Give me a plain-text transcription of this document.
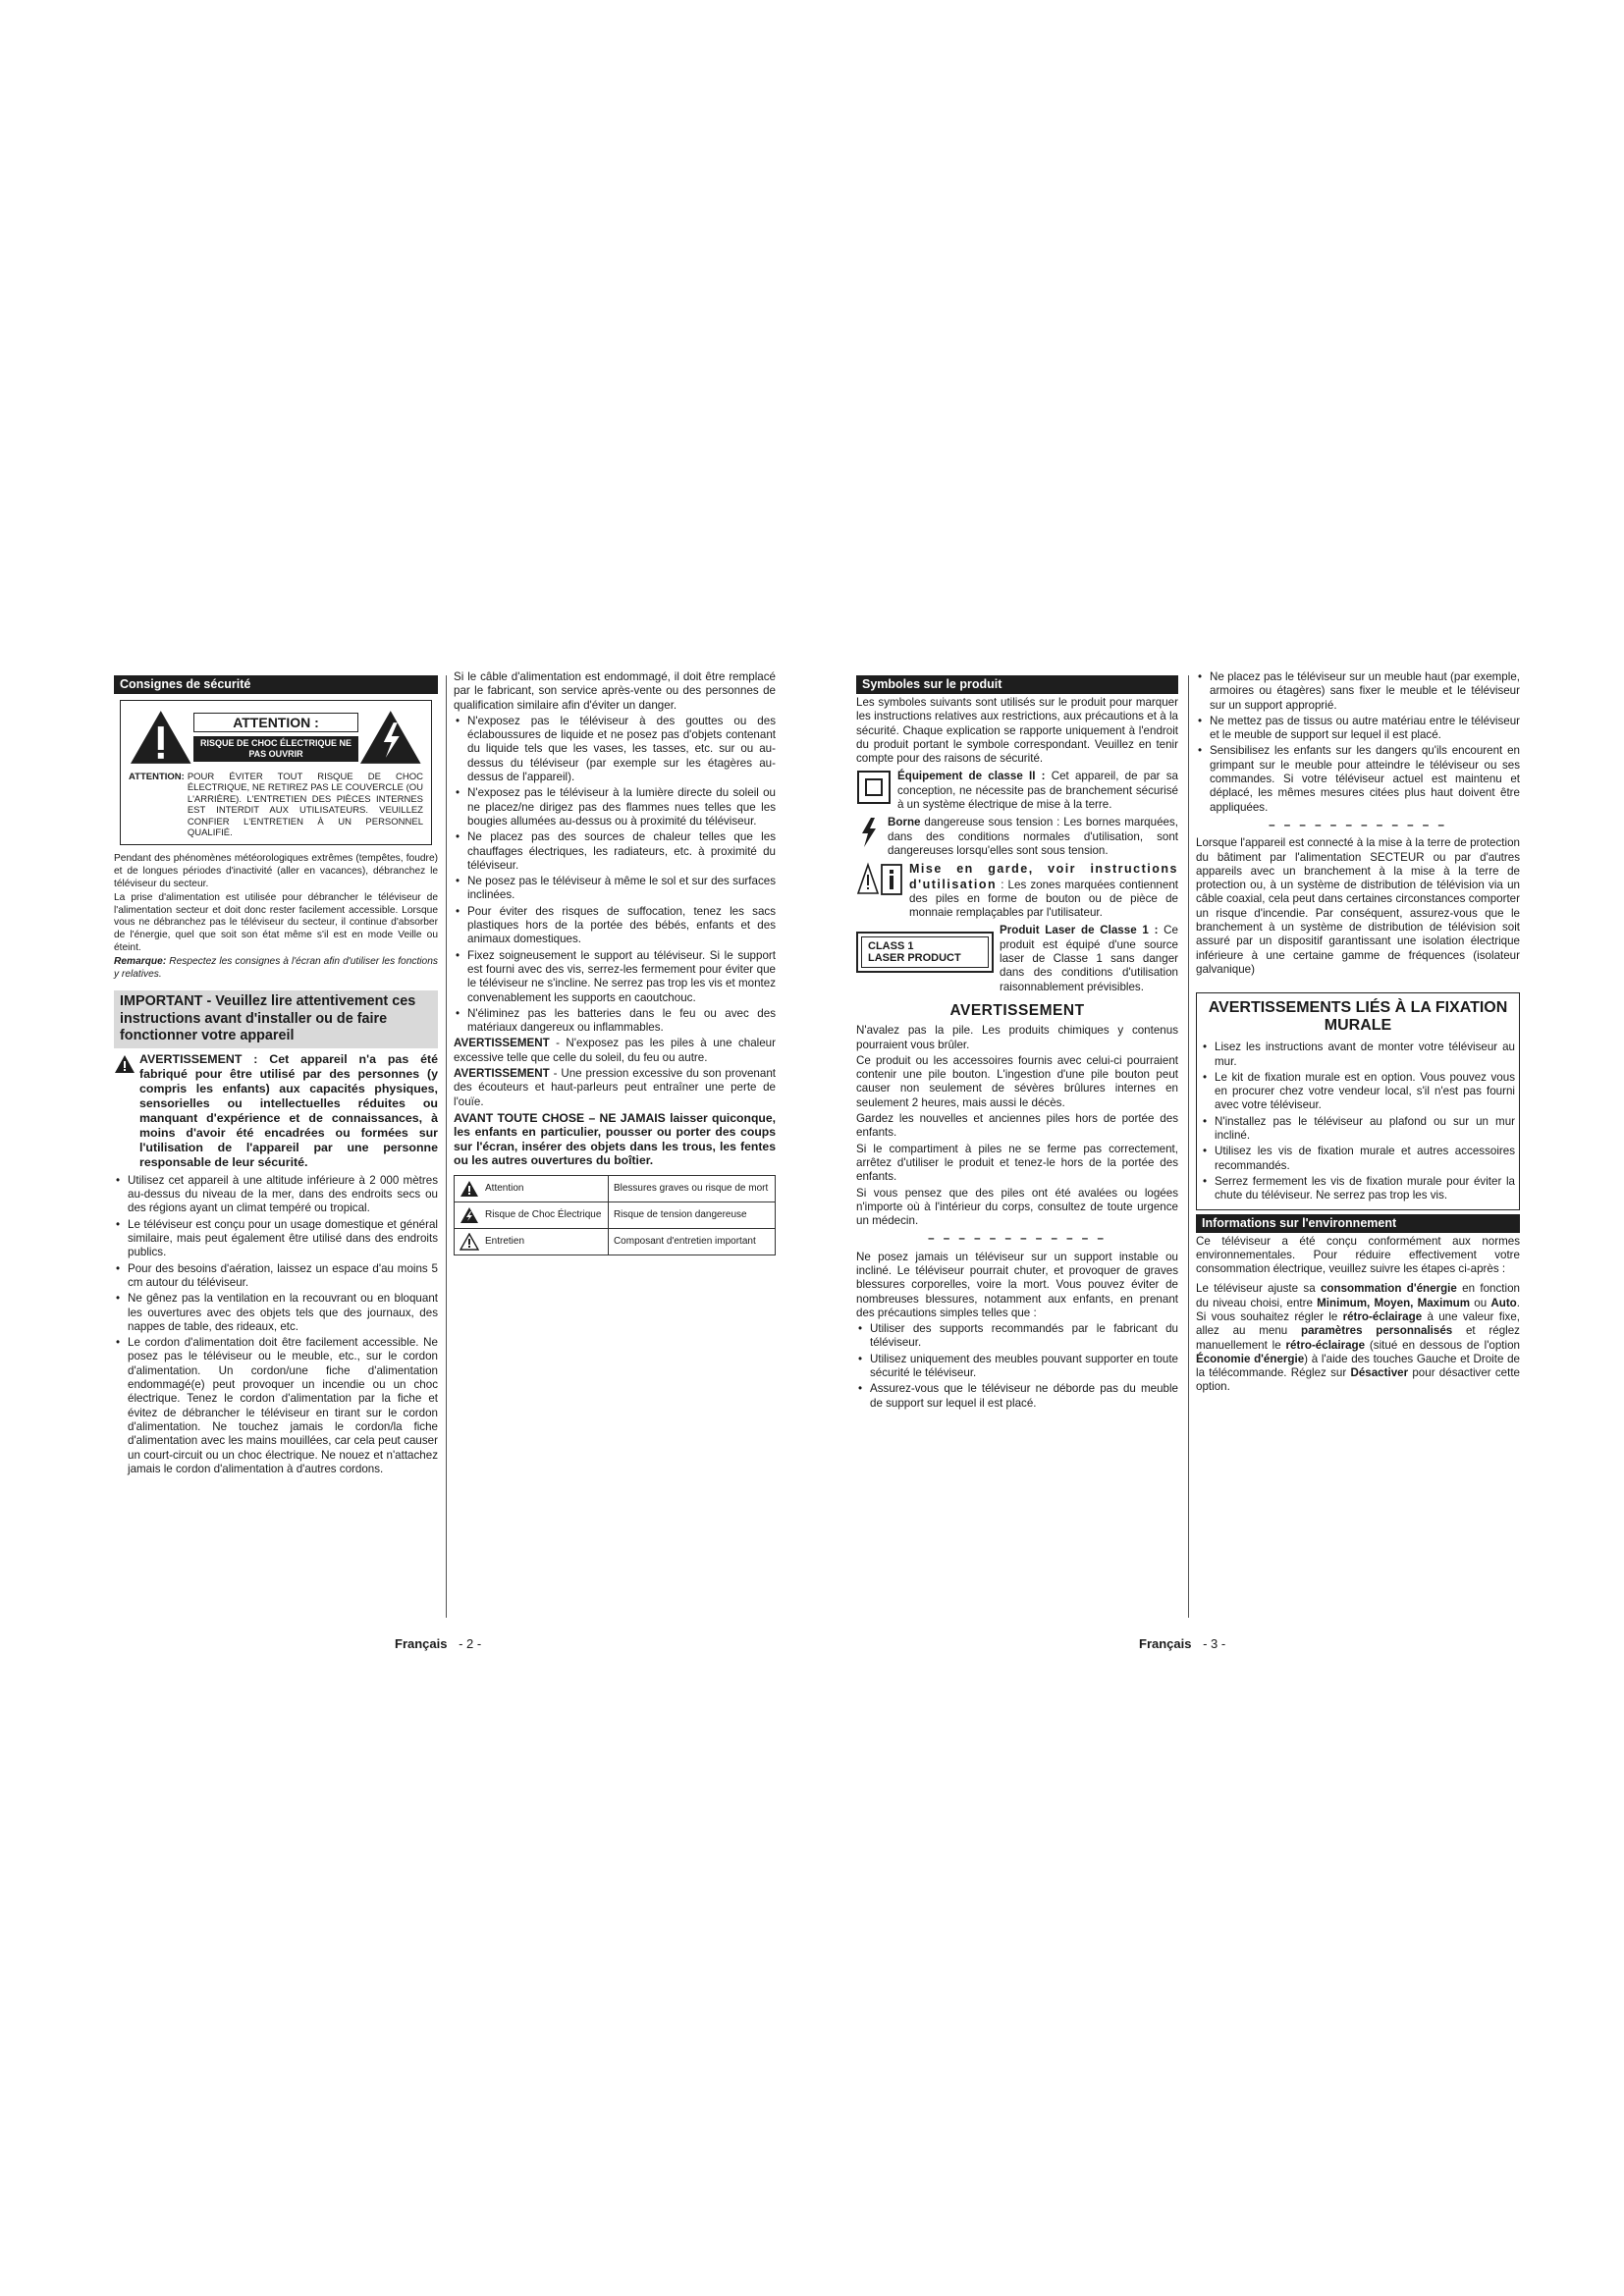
Consignes de sécurité
ATTENTION :
RISQUE DE CHOC ÉLECTRIQUE NE PAS OUVRIR
ATTENTION: POUR ÉVITER TOUT RISQUE DE CHOC ÉLECTRIQUE, NE RETIREZ PAS LE COUVERCLE (OU L'ARRIÈRE). L'ENTRETIEN DES PIÈCES INTERNES EST INTERDIT AUX UTILISATEURS. VEUILLEZ CONFIER L'ENTRETIEN À UN PERSONNEL QUALIFIÉ.

Pendant des phénomènes météorologiques extrêmes (tempêtes, foudre) et de longues périodes d'inactivité (aller en vacances), débranchez le téléviseur du secteur.

La prise d'alimentation est utilisée pour débrancher le téléviseur de l'alimentation secteur et doit donc rester facilement accessible. Lorsque vous ne débranchez pas le téléviseur du secteur, il continue d'absorber de l'énergie, quel que soit son état même s'il est en mode Veille ou éteint.

Remarque: Respectez les consignes à l'écran afin d'utiliser les fonctions y relatives.

IMPORTANT - Veuillez lire attentivement ces instructions avant d'installer ou de faire fonctionner votre appareil
AVERTISSEMENT : Cet appareil n'a pas été fabriqué pour être utilisé par des personnes (y compris les enfants) aux capacités physiques, sensorielles ou intellectuelles réduites ou manquant d'expérience et de connaissances, à moins d'avoir été encadrées ou formées sur l'utilisation de l'appareil par une personne responsable de leur sécurité.
• Utilisez cet appareil à une altitude inférieure à 2 000 mètres au-dessus du niveau de la mer, dans des endroits secs ou des régions ayant un climat tempéré ou tropical.
• Le téléviseur est conçu pour un usage domestique et général similaire, mais peut également être utilisé dans des endroits publics.
• Pour des besoins d'aération, laissez un espace d'au moins 5 cm autour du téléviseur.
• Ne gênez pas la ventilation en la recouvrant ou en bloquant les ouvertures avec des objets tels que des journaux, des nappes de table, des rideaux, etc.
• Le cordon d'alimentation doit être facilement accessible. Ne posez pas le téléviseur ou le meuble, etc., sur le cordon d'alimentation. Un cordon/une fiche d'alimentation endommagé(e) peut provoquer un incendie ou un choc électrique. Tenez le cordon d'alimentation par la fiche et évitez de débrancher le téléviseur en tirant sur le cordon d'alimentation. Ne touchez jamais le cordon/la fiche d'alimentation avec les mains mouillées, car cela peut causer un court-circuit ou un choc électrique. Ne nouez et n'attachez jamais le cordon d'alimentation à d'autres cordons.

Si le câble d'alimentation est endommagé, il doit être remplacé par le fabricant, son service après-vente ou des personnes de qualification similaire afin d'éviter un danger.

• N'exposez pas le téléviseur à des gouttes ou des éclaboussures de liquide et ne posez pas d'objets contenant du liquide tels que les vases, les tasses, etc. sur ou au-dessus du téléviseur (par exemple sur les étagères au-dessus de l'appareil).
• N'exposez pas le téléviseur à la lumière directe du soleil ou ne placez/ne dirigez pas des flammes nues telles que les bougies allumées au-dessus ou à proximité du téléviseur.
• Ne placez pas des sources de chaleur telles que les chauffages électriques, les radiateurs, etc. à proximité du téléviseur.
• Ne posez pas le téléviseur à même le sol et sur des surfaces inclinées.
• Pour éviter des risques de suffocation, tenez les sacs plastiques hors de la portée des bébés, enfants et des animaux domestiques.
• Fixez soigneusement le support au téléviseur. Si le support est fourni avec des vis, serrez-les fermement pour éviter que le téléviseur ne s'incline. Ne serrez pas trop les vis et montez convenablement les supports en caoutchouc.
• N'éliminez pas les batteries dans le feu ou avec des matériaux dangereux ou inflammables.

AVERTISSEMENT - N'exposez pas les piles à une chaleur excessive telle que celle du soleil, du feu ou autre.

AVERTISSEMENT - Une pression excessive du son provenant des écouteurs et haut-parleurs peut entraîner une perte de l'ouïe.

AVANT TOUTE CHOSE – NE JAMAIS laisser quiconque, les enfants en particulier, pousser ou porter des coups sur l'écran, insérer des objets dans les trous, les fentes ou les autres ouvertures du boîtier.

Attention	Blessures graves ou risque de mort

Risque de Choc Électrique	Risque de tension dangereuse

Entretien	Composant d'entretien important
Français - 2 -
Symboles sur le produit

Les symboles suivants sont utilisés sur le produit pour marquer les instructions relatives aux restrictions, aux précautions et à la sécurité. Chaque explication se rapporte uniquement à l'endroit du produit portant le symbole correspondant. Veuillez en tenir compte pour des raisons de sécurité.

Équipement de classe II : Cet appareil, de par sa conception, ne nécessite pas de branchement sécurisé à un système électrique de mise à la terre.

Borne dangereuse sous tension : Les bornes marquées, dans des conditions normales d'utilisation, sont dangereuses lorsqu'elles sont sous tension.

Mise en garde, voir instructions d'utilisation : Les zones marquées contiennent des piles en forme de bouton ou de pièce de monnaie remplaçables par l'utilisateur.

CLASS 1
LASER PRODUCT

Produit Laser de Classe 1 : Ce produit est équipé d'une source laser de Classe 1 sans danger dans des conditions d'utilisation raisonnablement prévisibles.

AVERTISSEMENT

N'avalez pas la pile. Les produits chimiques y contenus pourraient vous brûler.

Ce produit ou les accessoires fournis avec celui-ci pourraient contenir une pile bouton. L'ingestion d'une pile bouton peut causer non seulement de sévères brûlures internes en seulement 2 heures, mais aussi le décès.

Gardez les nouvelles et anciennes piles hors de portée des enfants.

Si le compartiment à piles ne se ferme pas correctement, arrêtez d'utiliser le produit et tenez-le hors de la portée des enfants.

Si vous pensez que des piles ont été avalées ou logées n'importe où à l'intérieur du corps, consultez de toute urgence un médecin.

– – – – – – – – – – – –

Ne posez jamais un téléviseur sur un support instable ou incliné. Le téléviseur pourrait chuter, et provoquer de graves blessures corporelles, voire la mort. Vous pouvez éviter de nombreuses blessures, notamment aux enfants, en prenant des précautions simples telles que :

• Utiliser des supports recommandés par le fabricant du téléviseur.
• Utilisez uniquement des meubles pouvant supporter en toute sécurité le téléviseur.
• Assurez-vous que le téléviseur ne déborde pas du meuble de support sur lequel il est placé.
• Ne placez pas le téléviseur sur un meuble haut (par exemple, armoires ou étagères) sans fixer le meuble et le téléviseur sur un support approprié.
• Ne mettez pas de tissus ou autre matériau entre le téléviseur et le meuble de support sur lequel il est placé.
• Sensibilisez les enfants sur les dangers qu'ils encourent en grimpant sur le meuble pour atteindre le téléviseur ou ses commandes. Si votre téléviseur actuel est maintenu et déplacé, les mêmes mesures citées plus haut doivent être appliquées.
– – – – – – – – – – – –

Lorsque l'appareil est connecté à la mise à la terre de protection du bâtiment par l'alimentation SECTEUR ou par d'autres appareils avec un branchement à la mise à la terre de protection ou, à un système de distribution de télévision via un câble coaxial, cela peut dans certaines circonstances comporter un risque d'incendie. Par conséquent, assurez-vous que le branchement à un système de distribution de télévision soit assuré par un dispositif garantissant une isolation électrique inférieure à une certaine gamme de fréquences (isolateur galvanique)

AVERTISSEMENTS LIÉS À LA FIXATION MURALE
• Lisez les instructions avant de monter votre téléviseur au mur.
• Le kit de fixation murale est en option. Vous pouvez vous en procurer chez votre vendeur local, s'il n'est pas fourni avec votre téléviseur.
• N'installez pas le téléviseur au plafond ou sur un mur incliné.
• Utilisez les vis de fixation murale et autres accessoires recommandés.
• Serrez fermement les vis de fixation murale pour éviter la chute du téléviseur. Ne serrez pas trop les vis.
Informations sur l'environnement

Ce téléviseur a été conçu conformément aux normes environnementales. Pour réduire effectivement votre consommation électrique, veuillez suivre les étapes ci-après :

Le téléviseur ajuste sa consommation d'énergie en fonction du niveau choisi, entre Minimum, Moyen, Maximum ou Auto. Si vous souhaitez régler le rétro-éclairage à une valeur fixe, allez au menu paramètres personnalisés et réglez manuellement le rétro-éclairage (situé en dessous de l'option Économie d'énergie) à l'aide des touches Gauche et Droite de la télécommande. Réglez sur Désactiver pour désactiver cette option.

Français - 3 -
